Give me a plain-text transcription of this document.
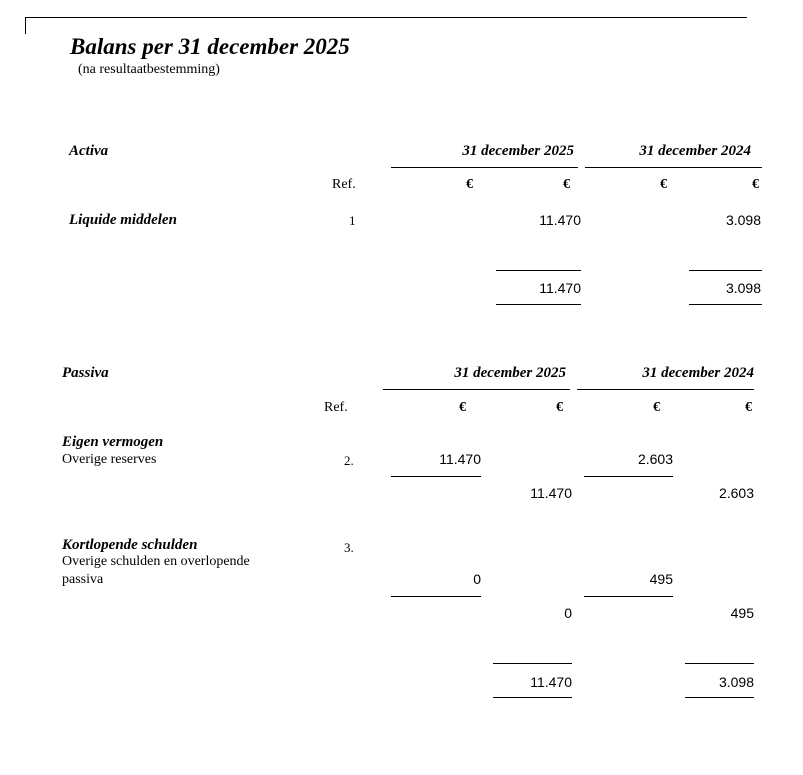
Balans per 31 december 2025
(na resultaatbestemming)
Activa	31 december 2025	31 december 2024
Ref.	€	€	€	€
Liquide middelen	1	11.470	3.098
11.470	3.098
Passiva	31 december 2025	31 december 2024
Ref.	€	€	€	€
Eigen vermogen
Overige reserves	2.	11.470	2.603
11.470	2.603
Kortlopende schulden	3.
Overige schulden en overlopende
passiva	0	495
0	495
11.470	3.098
